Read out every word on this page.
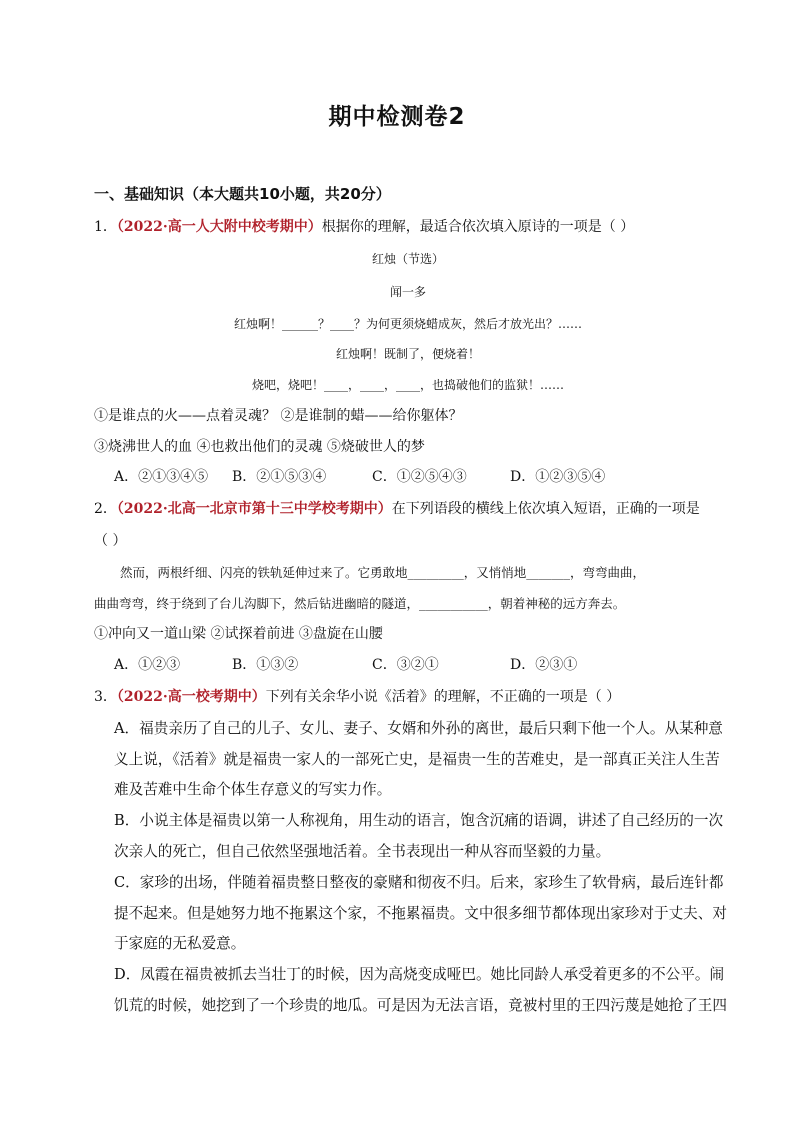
期中检测卷2
一、基础知识（本大题共10小题，共20分）
1．（2022·高一人大附中校考期中）根据你的理解，最适合依次填入原诗的一项是（ ）
红烛（节选）
闻一多
红烛啊！______？____？为何更须烧蜡成灰，然后才放光出？……
红烛啊！既制了，便烧着！
烧吧，烧吧！____，____，____，也捣破他们的监狱！……
①是谁点的火——点着灵魂？ ②是谁制的蜡——给你躯体？
③烧沸世人的血 ④也救出他们的灵魂 ⑤烧破世人的梦
A．②①③④⑤ B．②①⑤③④	C．①②⑤④③	D．①②③⑤④
2．（2022·北高一北京市第十三中学校考期中）在下列语段的横线上依次填入短语，正确的一项是
（ ）
然而，两根纤细、闪亮的铁轨延伸过来了。它勇敢地_________，又悄悄地_______，弯弯曲曲，
曲曲弯弯，终于绕到了台儿沟脚下，然后钻进幽暗的隧道，___________，朝着神秘的远方奔去。
①冲向又一道山梁 ②试探着前进 ③盘旋在山腰
A．①②③	B．①③②	C．③②①	D．②③①
3．（2022·高一校考期中）下列有关余华小说《活着》的理解，不正确的一项是（ ）
A．福贵亲历了自己的儿子、女儿、妻子、女婿和外孙的离世，最后只剩下他一个人。从某种意
义上说，《活着》就是福贵一家人的一部死亡史，是福贵一生的苦难史，是一部真正关注人生苦
难及苦难中生命个体生存意义的写实力作。
B．小说主体是福贵以第一人称视角，用生动的语言，饱含沉痛的语调，讲述了自己经历的一次
次亲人的死亡，但自己依然坚强地活着。全书表现出一种从容而坚毅的力量。
C．家珍的出场，伴随着福贵整日整夜的豪赌和彻夜不归。后来，家珍生了软骨病，最后连针都
提不起来。但是她努力地不拖累这个家，不拖累福贵。文中很多细节都体现出家珍对于丈夫、对
于家庭的无私爱意。
D．凤霞在福贵被抓去当壮丁的时候，因为高烧变成哑巴。她比同龄人承受着更多的不公平。闹
饥荒的时候，她挖到了一个珍贵的地瓜。可是因为无法言语，竟被村里的王四污蔑是她抢了王四
